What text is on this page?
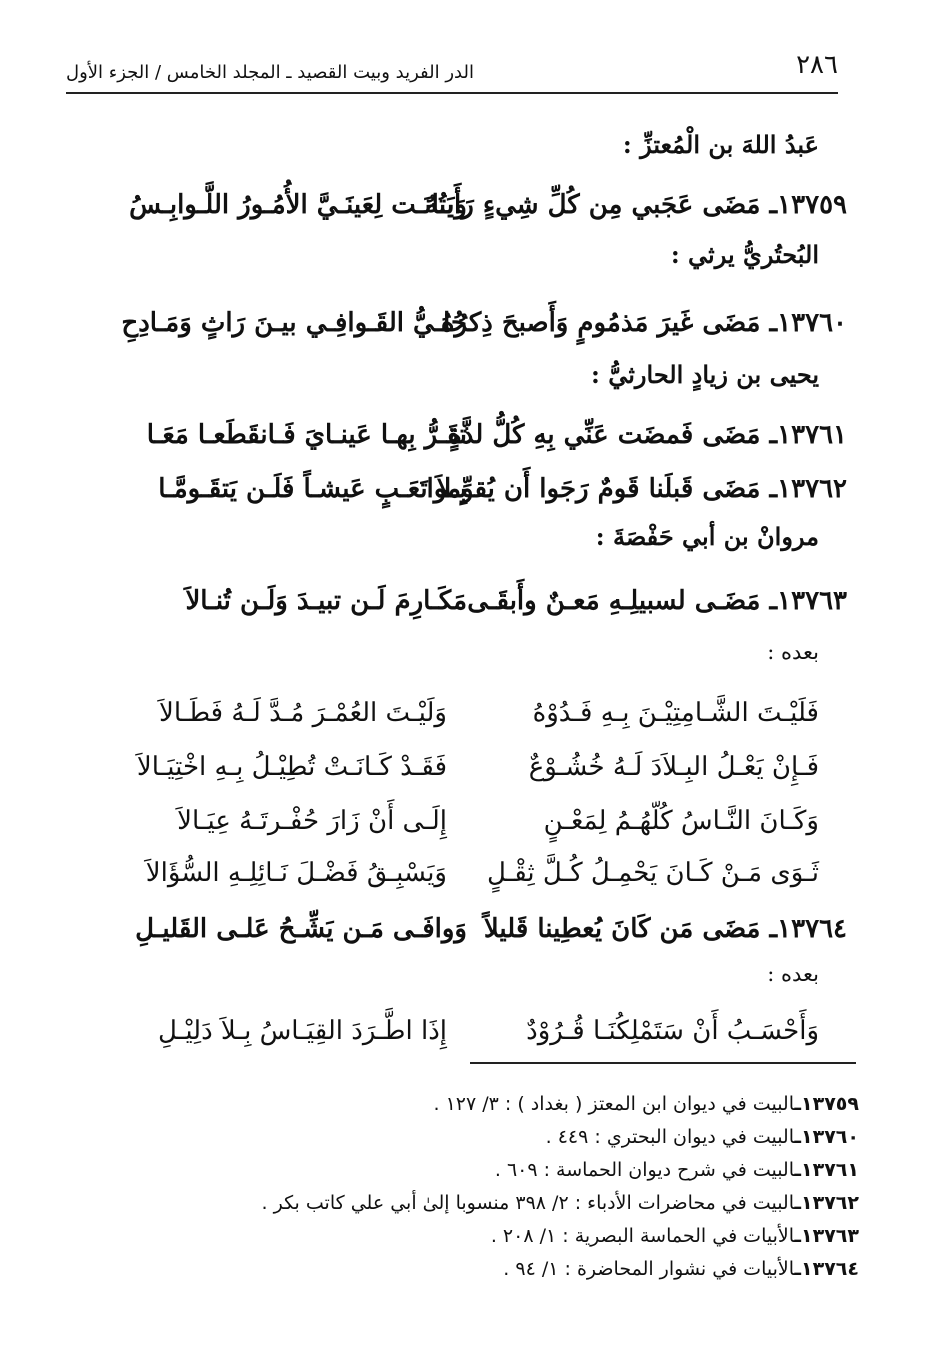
٢٨٦
الدر الفريد وبيت القصيد ـ المجلد الخامس / الجزء الأول
عَبدُ اللهَ بن الْمُعتزِّ :
١٣٧٥٩ـ مَضَى عَجَبي مِن كُلِّ شِيءٍ رَأَيتُهُ
وَبَـانَـت لِعَينَـيَّ الأُمُـورُ اللَّـوابِـسُ
البُحتُريُّ يرثي :
١٣٧٦٠ـ مَضَى غَيرَ مَذمُومٍ وَأَصبحَ ذِكرُهُ
حُلـيُّ القَـوافِـي بيـنَ رَاثٍ وَمَـادِحِ
يحيى بن زيادٍ الحارثيُّ :
١٣٧٦١ـ مَضَى فَمضَت عَنِّي بِهِ كُلُّ لذَّةٍ
تقَـرُّ بِهـا عَينـايَ فَـانقَطَعـا مَعَـا
١٣٧٦٢ـ مَضَى قَبلَنا قَومٌ رَجَوا أَن يُقوِّموا
بِـلاَ تَعَـبٍ عَيشـاً فَلَـن يَتقَـومَّـا
مروانْ بن أبي حَفْصَةَ :
١٣٧٦٣ـ مَضَـى لسبيلِـهِ مَعـنٌ وأَبقَـى
مَكَـارِمَ لَـن تبيـدَ وَلَـن تُنـالاَ
بعده :
فَلَيْـتَ الشَّـامِتِيْـنَ بِـهِ فَـدُوْهُ
وَلَيْـتَ العُمْـرَ مُـدَّ لَـهُ فَطَـالاَ
فَـإِنْ يَعْـلُ البِـلاَدَ لَـهُ خُشُـوْعٌ
فَقَـدْ كَـانَـتْ تُطِيْـلُ بِـهِ اخْتِيَـالاَ
وَكَـانَ النَّـاسُ كُلّهُـمُ لِمَعْـنٍ
إِلَـى أَنْ زَارَ حُفْـرتَـهُ عِيَـالاَ
ثَـوَى مَـنْ كَـانَ يَحْمِـلُ كُـلَّ ثِقْـلٍ
وَيَسْبِـقُ فَضْـلَ نَـائِلِـهِ السُّؤَالاَ
١٣٧٦٤ـ مَضَى مَن كَانَ يُعطِينا قَليلاً
وَوافَـى مَـن يَشِّـحُ عَلـى القَليـلِ
بعده :
وَأَحْسَـبُ أَنْ سَتَمْلِكُنَـا قُـرُوْدٌ
إِذَا اطَّـرَدَ القِيَـاسُ بِـلاَ دَلِيْـلِ
١٣٧٥٩ـالبيت في ديوان ابن المعتز ( بغداد ) : ٣/ ١٢٧ .
١٣٧٦٠ـالبيت في ديوان البحتري : ٤٤٩ .
١٣٧٦١ـالبيت في شرح ديوان الحماسة : ٦٠٩ .
١٣٧٦٢ـالبيت في محاضرات الأدباء : ٢/ ٣٩٨ منسوبا إلىٰ أبي علي كاتب بكر .
١٣٧٦٣ـالأبيات في الحماسة البصرية : ١/ ٢٠٨ .
١٣٧٦٤ـالأبيات في نشوار المحاضرة : ١/ ٩٤ .
